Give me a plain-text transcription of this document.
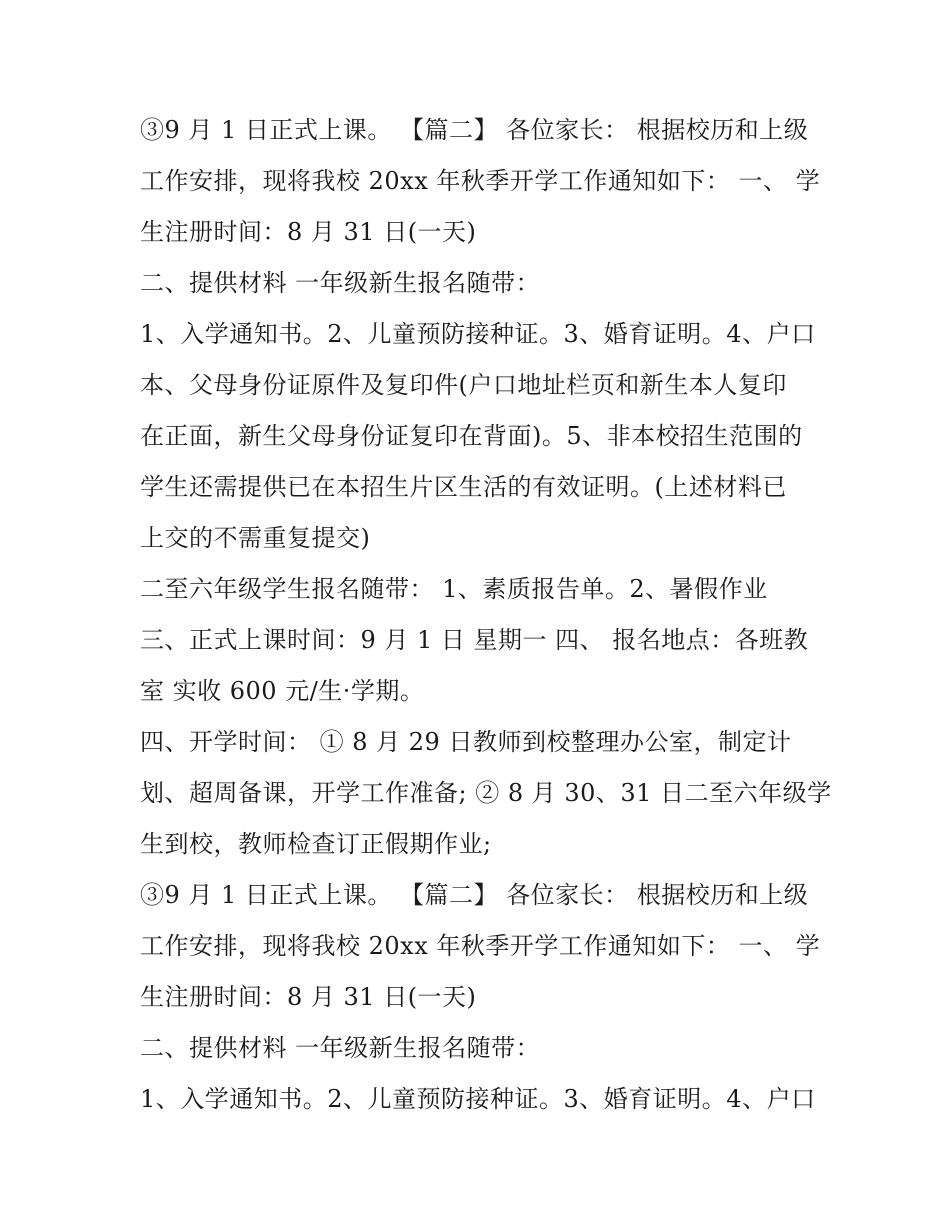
③9 月 1 日正式上课。 【篇二】 各位家长： 根据校历和上级
工作安排，现将我校 20xx 年秋季开学工作通知如下： 一、 学
生注册时间：8 月 31 日(一天)
二、提供材料 一年级新生报名随带：
1、入学通知书。2、儿童预防接种证。3、婚育证明。4、户口
本、父母身份证原件及复印件(户口地址栏页和新生本人复印
在正面，新生父母身份证复印在背面)。5、非本校招生范围的
学生还需提供已在本招生片区生活的有效证明。(上述材料已
上交的不需重复提交)
二至六年级学生报名随带： 1、素质报告单。2、暑假作业
三、正式上课时间：9 月 1 日 星期一 四、 报名地点：各班教
室 实收 600 元/生·学期。
四、开学时间： ① 8 月 29 日教师到校整理办公室，制定计
划、超周备课，开学工作准备; ② 8 月 30、31 日二至六年级学
生到校，教师检查订正假期作业;
③9 月 1 日正式上课。 【篇二】 各位家长： 根据校历和上级
工作安排，现将我校 20xx 年秋季开学工作通知如下： 一、 学
生注册时间：8 月 31 日(一天)
二、提供材料 一年级新生报名随带：
1、入学通知书。2、儿童预防接种证。3、婚育证明。4、户口
